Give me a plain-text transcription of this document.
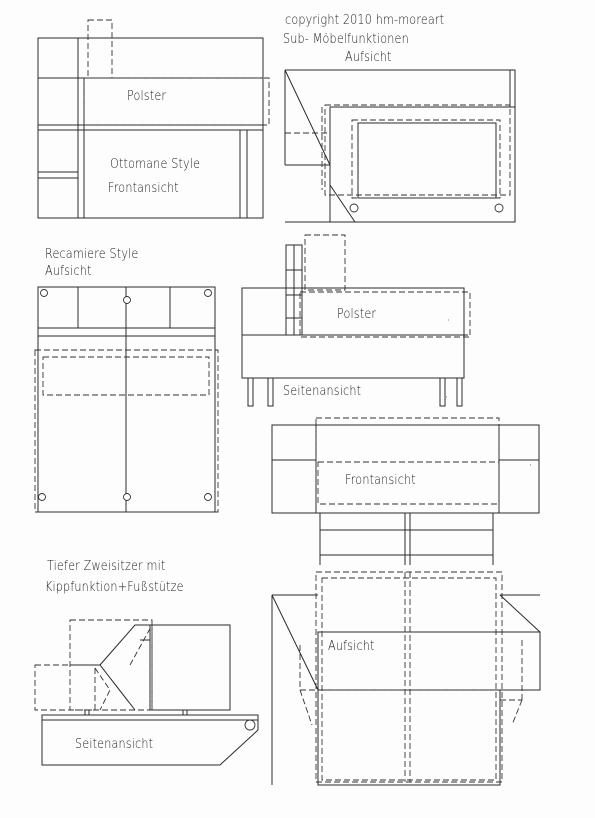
copyright 2010 hm-moreart
Sub- Möbelfunktionen
Aufsicht
Polster
Ottomane Style
Frontansicht
Recamiere Style
Aufsicht
Polster
Seitenansicht
Frontansicht
Tiefer Zweisitzer mit
Kippfunktion+Fußstütze
Seitenansicht
Aufsicht
